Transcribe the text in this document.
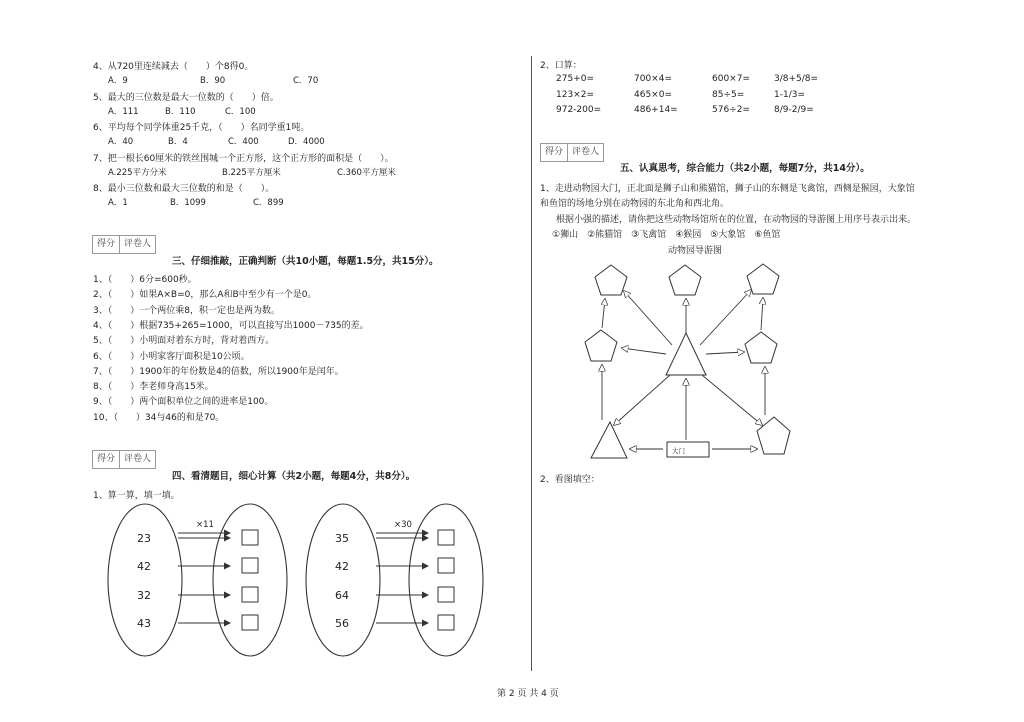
4、从720里连续减去（　　）个8得0。
A．9	B．90	C．70
5、最大的三位数是最大一位数的（　　）倍。
A．111	B．110	C．100
6、平均每个同学体重25千克，（　　）名同学重1吨。
A．40	B．4	C．400	D．4000
7、把一根长60厘米的铁丝围城一个正方形，这个正方形的面积是（　　）。
A.225平方分米	B.225平方厘米	C.360平方厘米
8、最小三位数和最大三位数的和是（　　）。
A．1	B．1099	C．899
得分	评卷人
三、仔细推敲，正确判断（共10小题，每题1.5分，共15分）。
1、（　　）6分=600秒。
2、（　　）如果A×B=0，那么A和B中至少有一个是0。
3、（　　）一个两位乘8，积一定也是两为数。
4、（　　）根据735+265=1000，可以直接写出1000－735的差。
5、（　　）小明面对着东方时，背对着西方。
6、（　　）小明家客厅面积是10公顷。
7、（　　）1900年的年份数是4的倍数，所以1900年是闰年。
8、（　　）李老师身高15米。
9、（　　）两个面积单位之间的进率是100。
10、（　　）34与46的和是70。
得分	评卷人
四、看清题目，细心计算（共2小题，每题4分，共8分）。
1、算一算，填一填。
×11
23
42
32
43
×30
35
42
64
56
2、口算：
275+0=	700×4=	600×7=	3/8+5/8=
123×2=	465×0=	85÷5=	1-1/3=
972-200=	486+14=	576÷2=	8/9-2/9=
得分	评卷人
五、认真思考，综合能力（共2小题，每题7分，共14分）。
1、走进动物园大门，正北面是狮子山和熊猫馆，狮子山的东侧是飞禽馆，西侧是猴园，大象馆
和鱼馆的场地分别在动物园的东北角和西北角。
根据小强的描述，请你把这些动物场馆所在的位置，在动物园的导游图上用序号表示出来。
①狮山　②熊猫馆　③飞禽馆　④猴园　⑤大象馆　⑥鱼馆
动物园导游图
大门
2、看图填空：
第 2 页 共 4 页
